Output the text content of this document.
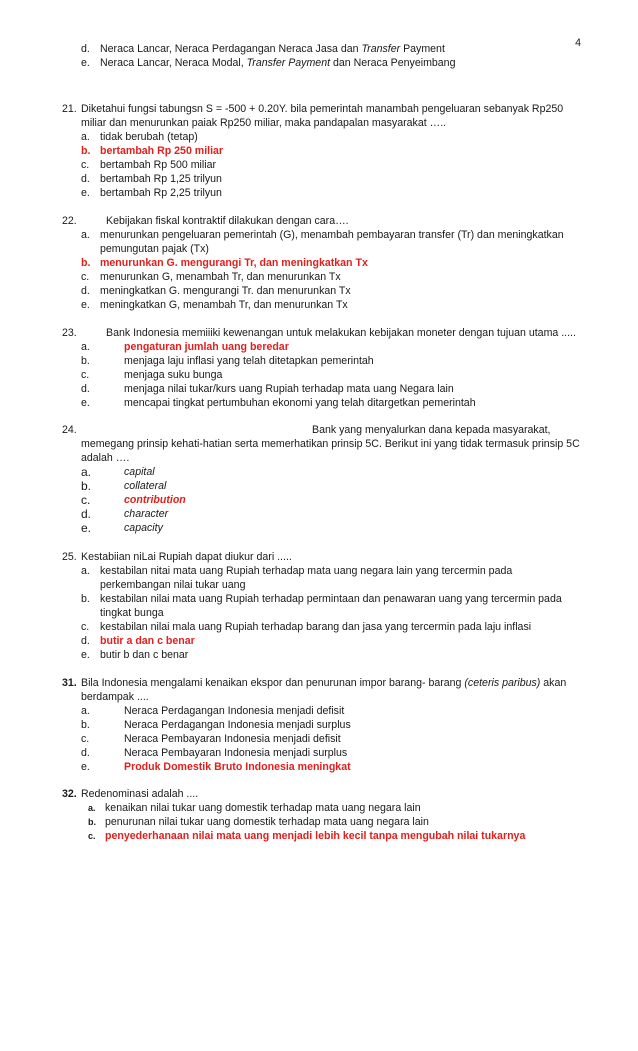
4
d. Neraca Lancar, Neraca Perdagangan Neraca Jasa dan Transfer Payment
e. Neraca Lancar, Neraca Modal, Transfer Payment dan Neraca Penyeimbang
21. Diketahui fungsi tabungsn S = -500 + 0.20Y. bila pemerintah manambah pengeluaran sebanyak Rp250 miliar dan menurunkan paiak Rp250 miliar, maka pandapalan masyarakat …..
a. tidak berubah (tetap)
b. bertambah Rp 250 miliar
c.	bertambah Rp 500 miliar
d. bertambah Rp 1,25 trilyun
e. bertambah Rp 2,25 trilyun
22.	Kebijakan fiskal kontraktif dilakukan dengan cara….
a. menurunkan pengeluaran pemerintah (G), menambah pembayaran transfer (Tr) dan meningkatkan pemungutan pajak (Tx)
b. menurunkan G. mengurangi Tr, dan meningkatkan Tx
c.	menurunkan G, menambah Tr, dan menurunkan Tx
d. meningkatkan G. mengurangi Tr. dan menurunkan Tx
e. meningkatkan G, menambah Tr, dan menurunkan Tx
23.	Bank Indonesia memiiiki kewenangan untuk melakukan kebijakan moneter dengan tujuan utama .....
a.	pengaturan jumlah uang beredar
b.	menjaga laju inflasi yang telah ditetapkan pemerintah
c.	menjaga suku bunga
d.	menjaga nilai tukar/kurs uang Rupiah terhadap mata uang Negara lain
e.	mencapai tingkat pertumbuhan ekonomi yang telah ditargetkan pemerintah
24.	Bank yang menyalurkan dana kepada masyarakat,
memegang prinsip kehati-hatian serta memerhatikan prinsip 5C. Berikut ini yang tidak termasuk prinsip 5C adalah ….
a.	capital
b.	collateral
c.	contribution
d.	character
e.	capacity
25. Kestabiian niLai Rupiah dapat diukur dari .....
a. kestabilan nitai mata uang Rupiah terhadap mata uang negara lain yang tercermin pada perkembangan nilai tukar uang
b. kestabilan nilai mata uang Rupiah terhadap permintaan dan penawaran uang yang tercermin pada tingkat bunga
c.	kestabilan nilai mala uang Rupiah terhadap barang dan jasa yang tercermin pada laju inflasi
d. butir a dan c benar
e. butir b dan c benar
31. Bila Indonesia mengalami kenaikan ekspor dan penurunan impor barang- barang (ceteris paribus) akan berdampak ....
a.	Neraca Perdagangan Indonesia menjadi defisit
b.	Neraca Perdagangan Indonesia menjadi surplus
c.	Neraca Pembayaran Indonesia menjadi defisit
d.	Neraca Pembayaran Indonesia menjadi surplus
e.	Produk Domestik Bruto Indonesia meningkat
32. Redenominasi adalah ....
a. kenaikan nilai tukar uang domestik terhadap mata uang negara lain
b. penurunan nilai tukar uang domestik terhadap mata uang negara lain
c. penyederhanaan nilai mata uang menjadi lebih kecil tanpa mengubah nilai tukarnya
